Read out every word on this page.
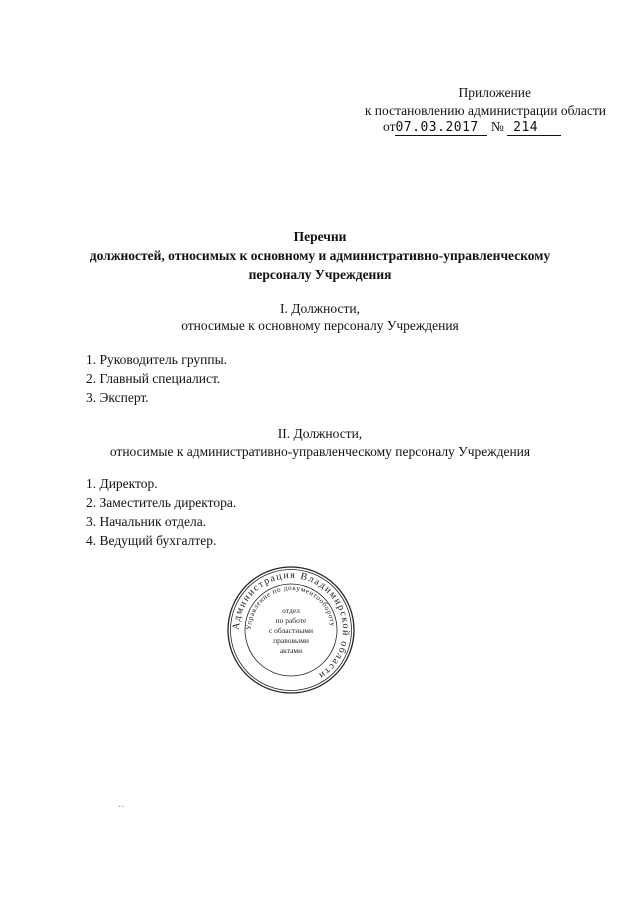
Приложение
к постановлению администрации области
от07.03.2017 № 214
Перечни
должностей, относимых к основному и административно-управленческому
персоналу Учреждения
I. Должности,
относимые к основному персоналу Учреждения
1. Руководитель группы.
2. Главный специалист.
3. Эксперт.
II. Должности,
относимые к административно-управленческому персоналу Учреждения
1. Директор.
2. Заместитель директора.
3. Начальник отдела.
4. Ведущий бухгалтер.
Администрация Владимирской области
Управление по документообороту
отдел
по работе
с областными
правовыми
актами
··
